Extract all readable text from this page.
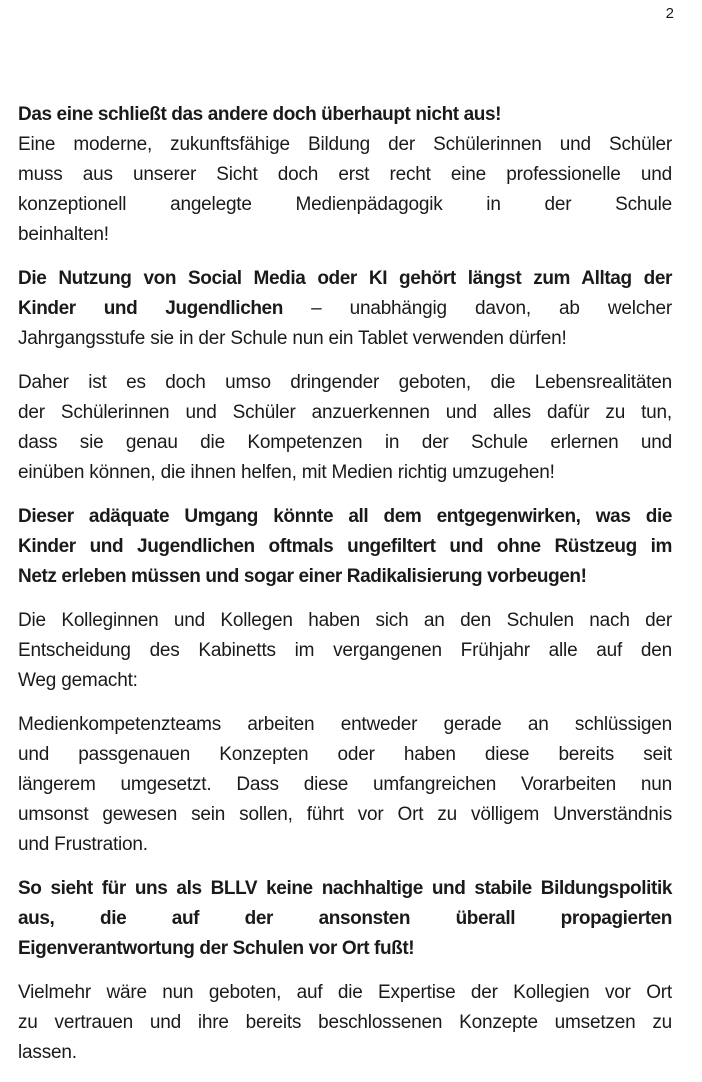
2
Das eine schließt das andere doch überhaupt nicht aus!
Eine moderne, zukunftsfähige Bildung der Schülerinnen und Schüler
muss aus unserer Sicht doch erst recht eine professionelle und
konzeptionell angelegte Medienpädagogik in der Schule
beinhalten!
Die Nutzung von Social Media oder KI gehört längst zum Alltag der
Kinder und Jugendlichen – unabhängig davon, ab welcher
Jahrgangsstufe sie in der Schule nun ein Tablet verwenden dürfen!
Daher ist es doch umso dringender geboten, die Lebensrealitäten
der Schülerinnen und Schüler anzuerkennen und alles dafür zu tun,
dass sie genau die Kompetenzen in der Schule erlernen und
einüben können, die ihnen helfen, mit Medien richtig umzugehen!
Dieser adäquate Umgang könnte all dem entgegenwirken, was die
Kinder und Jugendlichen oftmals ungefiltert und ohne Rüstzeug im
Netz erleben müssen und sogar einer Radikalisierung vorbeugen!
Die Kolleginnen und Kollegen haben sich an den Schulen nach der
Entscheidung des Kabinetts im vergangenen Frühjahr alle auf den
Weg gemacht:
Medienkompetenzteams arbeiten entweder gerade an schlüssigen
und passgenauen Konzepten oder haben diese bereits seit
längerem umgesetzt. Dass diese umfangreichen Vorarbeiten nun
umsonst gewesen sein sollen, führt vor Ort zu völligem Unverständnis
und Frustration.
So sieht für uns als BLLV keine nachhaltige und stabile Bildungspolitik
aus, die auf der ansonsten überall propagierten
Eigenverantwortung der Schulen vor Ort fußt!
Vielmehr wäre nun geboten, auf die Expertise der Kollegien vor Ort
zu vertrauen und ihre bereits beschlossenen Konzepte umsetzen zu
lassen.
